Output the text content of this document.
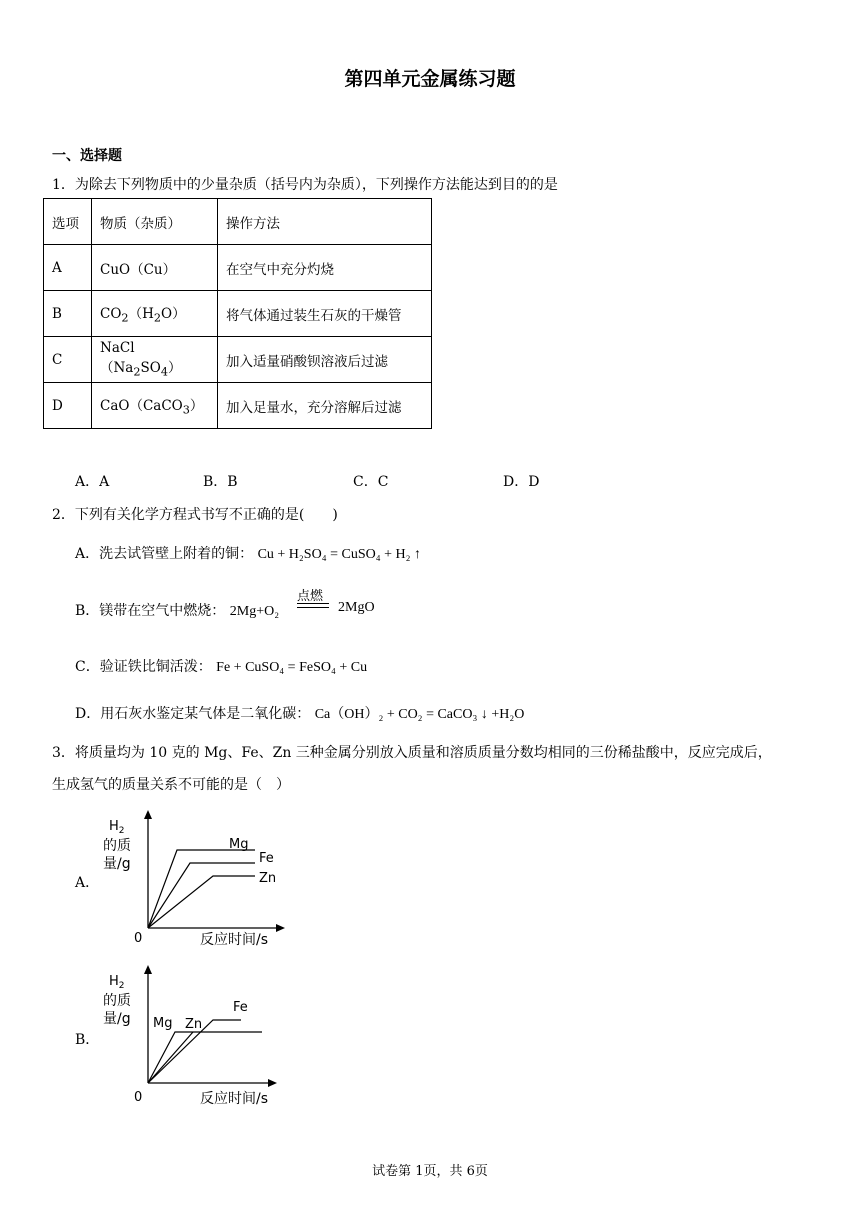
第四单元金属练习题
一、选择题
1．为除去下列物质中的少量杂质（括号内为杂质），下列操作方法能达到目的的是
选项	物质（杂质）	操作方法
A	CuO（Cu）	在空气中充分灼烧
B	$CO_2(H_2O)$	将气体通过装生石灰的干燥管
C	$NaCl(Na_2SO_4)$	加入适量硝酸钡溶液后过滤
D	CaO（CaCO$_3$）	加入足量水，充分溶解后过滤
A．A	B．B	C．C	D．D
2．下列有关化学方程式书写不正确的是(　　)
A．洗去试管壁上附着的铜： Cu + H₂SO₄ = CuSO₄ + H₂ ↑
B．镁带在空气中燃烧： 2Mg+O₂
点燃
2MgO
C．验证铁比铜活泼： Fe + CuSO₄ = FeSO₄ + Cu
D．用石灰水鉴定某气体是二氧化碳： Ca（OH）₂ + CO₂ = CaCO₃ ↓ +H₂O
3．将质量均为 10 克的 Mg、Fe、Zn 三种金属分别放入质量和溶质质量分数均相同的三份稀盐酸中，反应完成后，
生成氢气的质量关系不可能的是（　）
A．
$H_2$
的质
量/g
Mg
Fe
Zn
0	反应时间/s
B．
$H_2$
的质
量/g Mg Zn
Fe
0	反应时间/s
试卷第 1页，共 6页
